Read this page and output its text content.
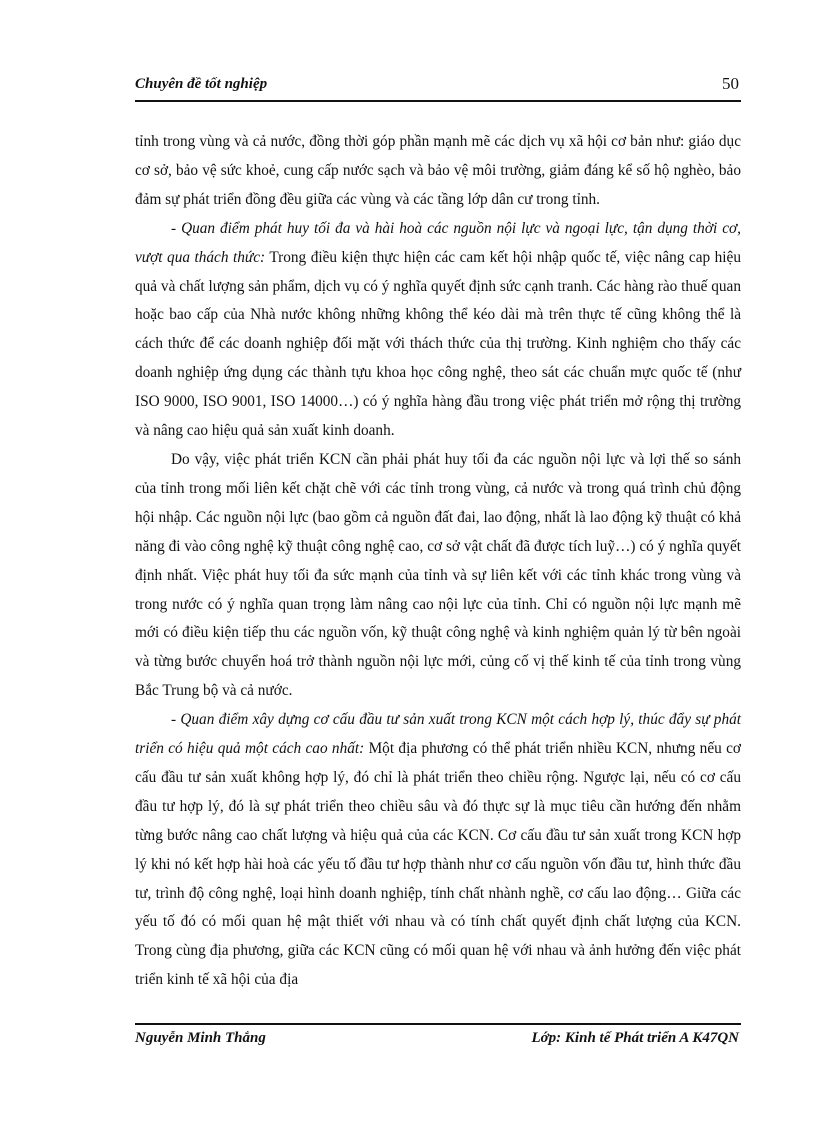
Chuyên đề tốt nghiệp	50

tỉnh trong vùng và cả nước, đồng thời góp phần mạnh mẽ các dịch vụ xã hội cơ bản như: giáo dục cơ sở, bảo vệ sức khoẻ, cung cấp nước sạch và bảo vệ môi trường, giảm đáng kể số hộ nghèo, bảo đảm sự phát triển đồng đều giữa các vùng và các tầng lớp dân cư trong tỉnh.

- Quan điểm phát huy tối đa và hài hoà các nguồn nội lực và ngoại lực, tận dụng thời cơ, vượt qua thách thức: Trong điều kiện thực hiện các cam kết hội nhập quốc tế, việc nâng cap hiệu quả và chất lượng sản phẩm, dịch vụ có ý nghĩa quyết định sức cạnh tranh. Các hàng rào thuế quan hoặc bao cấp của Nhà nước không những không thể kéo dài mà trên thực tế cũng không thể là cách thức để các doanh nghiệp đối mặt với thách thức của thị trường. Kinh nghiệm cho thấy các doanh nghiệp ứng dụng các thành tựu khoa học công nghệ, theo sát các chuẩn mực quốc tế (như ISO 9000, ISO 9001, ISO 14000…) có ý nghĩa hàng đầu trong việc phát triển mở rộng thị trường và nâng cao hiệu quả sản xuất kinh doanh.

Do vậy, việc phát triển KCN cần phải phát huy tối đa các nguồn nội lực và lợi thế so sánh của tỉnh trong mối liên kết chặt chẽ với các tỉnh trong vùng, cả nước và trong quá trình chủ động hội nhập. Các nguồn nội lực (bao gồm cả nguồn đất đai, lao động, nhất là lao động kỹ thuật có khả năng đi vào công nghệ kỹ thuật công nghệ cao, cơ sở vật chất đã được tích luỹ…) có ý nghĩa quyết định nhất. Việc phát huy tối đa sức mạnh của tỉnh và sự liên kết với các tỉnh khác trong vùng và trong nước có ý nghĩa quan trọng làm nâng cao nội lực của tỉnh. Chỉ có nguồn nội lực mạnh mẽ mới có điều kiện tiếp thu các nguồn vốn, kỹ thuật công nghệ và kinh nghiệm quản lý từ bên ngoài và từng bước chuyển hoá trở thành nguồn nội lực mới, củng cố vị thế kinh tế của tỉnh trong vùng Bắc Trung bộ và cả nước.

- Quan điểm xây dựng cơ cấu đầu tư sản xuất trong KCN một cách hợp lý, thúc đẩy sự phát triển có hiệu quả một cách cao nhất: Một địa phương có thể phát triển nhiều KCN, nhưng nếu cơ cấu đầu tư sản xuất không hợp lý, đó chỉ là phát triển theo chiều rộng. Ngược lại, nếu có cơ cấu đầu tư hợp lý, đó là sự phát triển theo chiều sâu và đó thực sự là mục tiêu cần hướng đến nhằm từng bước nâng cao chất lượng và hiệu quả của các KCN. Cơ cấu đầu tư sản xuất trong KCN hợp lý khi nó kết hợp hài hoà các yếu tố đầu tư hợp thành như cơ cấu nguồn vốn đầu tư, hình thức đầu tư, trình độ công nghệ, loại hình doanh nghiệp, tính chất nhành nghề, cơ cấu lao động… Giữa các yếu tố đó có mối quan hệ mật thiết với nhau và có tính chất quyết định chất lượng của KCN. Trong cùng địa phương, giữa các KCN cũng có mối quan hệ với nhau và ảnh hưởng đến việc phát triển kinh tế xã hội của địa

Nguyễn Minh Thắng	Lớp: Kinh tế Phát triển A K47QN
